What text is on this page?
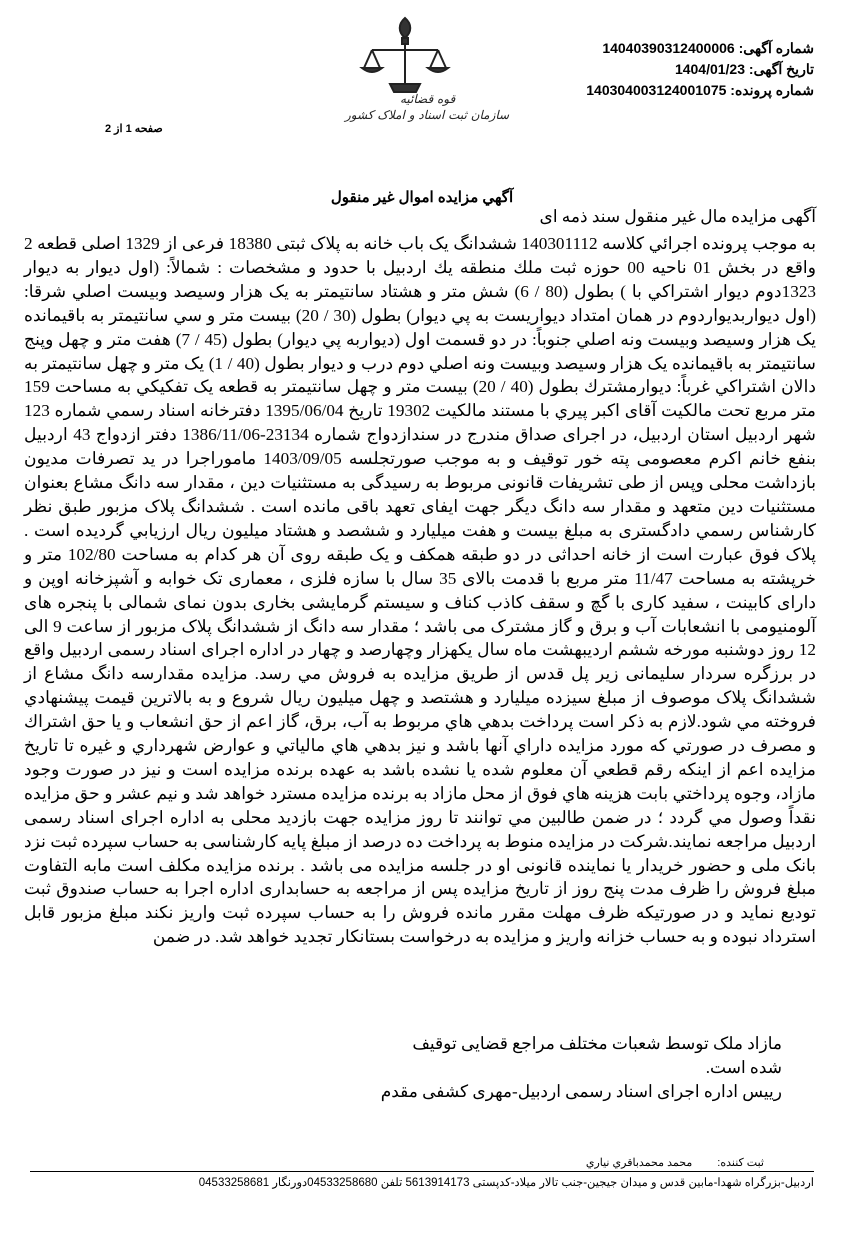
قوه قضائیه
سازمان ثبت اسناد و املاک کشور
شماره آگهی: 14040390312400006
تاریخ آگهی: 1404/01/23
شماره پرونده: 140304003124001075
صفحه 1 از 2
آگهي مزايده اموال غير منقول
آگهی مزایده مال غیر منقول سند ذمه ای
به موجب پرونده اجرائي کلاسه 140301112 ششدانگ یک باب خانه به پلاک ثبتی 18380 فرعی از 1329 اصلی قطعه 2 واقع در بخش 01 ناحيه 00 حوزه ثبت ملك منطقه يك اردبيل با حدود و مشخصات : شمالاً: (اول ديوار به ديوار 1323دوم ديوار اشتراکي با ) بطول (80 / 6) شش متر و هشتاد سانتيمتر به يک هزار وسيصد وبيست اصلي شرقا: (اول ديواربديواردوم در همان امتداد ديواريست به پي ديوار) بطول (30 / 20) بيست متر و سي سانتيمتر به باقيمانده يک هزار وسيصد وبيست ونه اصلي جنوباً: در دو قسمت اول (ديواربه پي ديوار) بطول (45 / 7) هفت متر و چهل وپنج سانتيمتر به باقيمانده يک هزار وسيصد وبيست ونه اصلي دوم درب و ديوار بطول (40 / 1) يک متر و چهل سانتيمتر به دالان اشتراکي غرباً: ديوارمشترك بطول (40 / 20) بيست متر و چهل سانتيمتر به قطعه يک تفکيکي به مساحت 159 متر مربع تحت مالکيت آقای اکبر پيري با مستند مالکيت 19302 تاريخ 1395/06/04 دفترخانه اسناد رسمي شماره 123 شهر اردبيل استان اردبيل، در اجرای صداق مندرج در سندازدواج شماره 23134-1386/11/06 دفتر ازدواج 43 اردبیل بنفع خانم اکرم معصومی پته خور توقیف و به موجب صورتجلسه 1403/09/05 ماموراجرا در يد تصرفات مديون بازداشت محلی وپس از طی تشريفات قانونی مربوط به رسيدگی به مستثنیات دين ، مقدار سه دانگ مشاع بعنوان مستثنیات دين متعهد و مقدار سه دانگ ديگر جهت ايفای تعهد باقی مانده است . ششدانگ پلاک مزبور طبق نظر کارشناس رسمي دادگستری به مبلغ بيست و هفت ميليارد و ششصد و هشتاد ميليون ريال ارزيابي گرديده است . پلاک فوق عبارت است از خانه احداثی در دو طبقه همکف و یک طبقه روی آن هر کدام به مساحت 102/80 متر و خرپشته به مساحت 11/47 متر مربع با قدمت بالای 35 سال با سازه فلزی ، معماری تک خوابه و آشپزخانه اوپن و دارای کابینت ، سفید کاری با گچ و سقف کاذب کناف و سیستم گرمایشی بخاری بدون نمای شمالی با پنجره های آلومنیومی با انشعابات آب و برق و گاز مشترک می باشد ؛ مقدار سه دانگ از ششدانگ پلاک مزبور از ساعت 9 الی 12 روز دوشنبه مورخه ششم ارديبهشت ماه سال يکهزار وچهارصد و چهار در اداره اجرای اسناد رسمی اردبيل واقع در برزگره سردار سليمانی زير پل قدس از طريق مزايده به فروش مي رسد. مزايده مقدارسه دانگ مشاع از ششدانگ پلاک موصوف از مبلغ سيزده ميليارد و هشتصد و چهل ميليون ريال شروع و به بالاترين قيمت پيشنهادي فروخته مي شود.لازم به ذکر است پرداخت بدهي هاي مربوط به آب، برق، گاز اعم از حق انشعاب و يا حق اشتراك و مصرف در صورتي كه مورد مزايده داراي آنها باشد و نيز بدهي هاي مالياتي و عوارض شهرداري و غيره تا تاريخ مزايده اعم از اينكه رقم قطعي آن معلوم شده يا نشده باشد به عهده برنده مزايده است و نيز در صورت وجود مازاد، وجوه پرداختي بابت هزينه هاي فوق از محل مازاد به برنده مزايده مسترد خواهد شد و نیم عشر و حق مزايده نقداً وصول مي گردد ؛ در ضمن طالبين مي توانند تا روز مزايده جهت بازديد محلی به اداره اجرای اسناد رسمی اردبيل مراجعه نمايند.شرکت در مزايده منوط به پرداخت ده درصد از مبلغ پايه کارشناسی به حساب سپرده ثبت نزد بانک ملی و حضور خريدار يا نماينده قانونی او در جلسه مزايده می باشد . برنده مزايده مکلف است مابه التفاوت مبلغ فروش را ظرف مدت پنج روز از تاريخ مزايده پس از مراجعه به حسابداری اداره اجرا به حساب صندوق ثبت توديع نمايد و در صورتيکه ظرف مهلت مقرر مانده فروش را به حساب سپرده ثبت واريز نکند مبلغ مزبور قابل استرداد نبوده و به حساب خزانه واريز و مزايده به درخواست بستانکار تجديد خواهد شد. در ضمن
مازاد ملک توسط شعبات مختلف مراجع قضایی توقیف
شده است.
رییس اداره اجرای اسناد رسمی اردبیل-مهری کشفی مقدم
ثبت کننده: محمد محمدباقري نياري
اردبیل-بزرگراه شهدا-مابین قدس و میدان جیجین-جنب تالار میلاد-کدپستی 5613914173 تلفن 04533258680دورنگار 04533258681
